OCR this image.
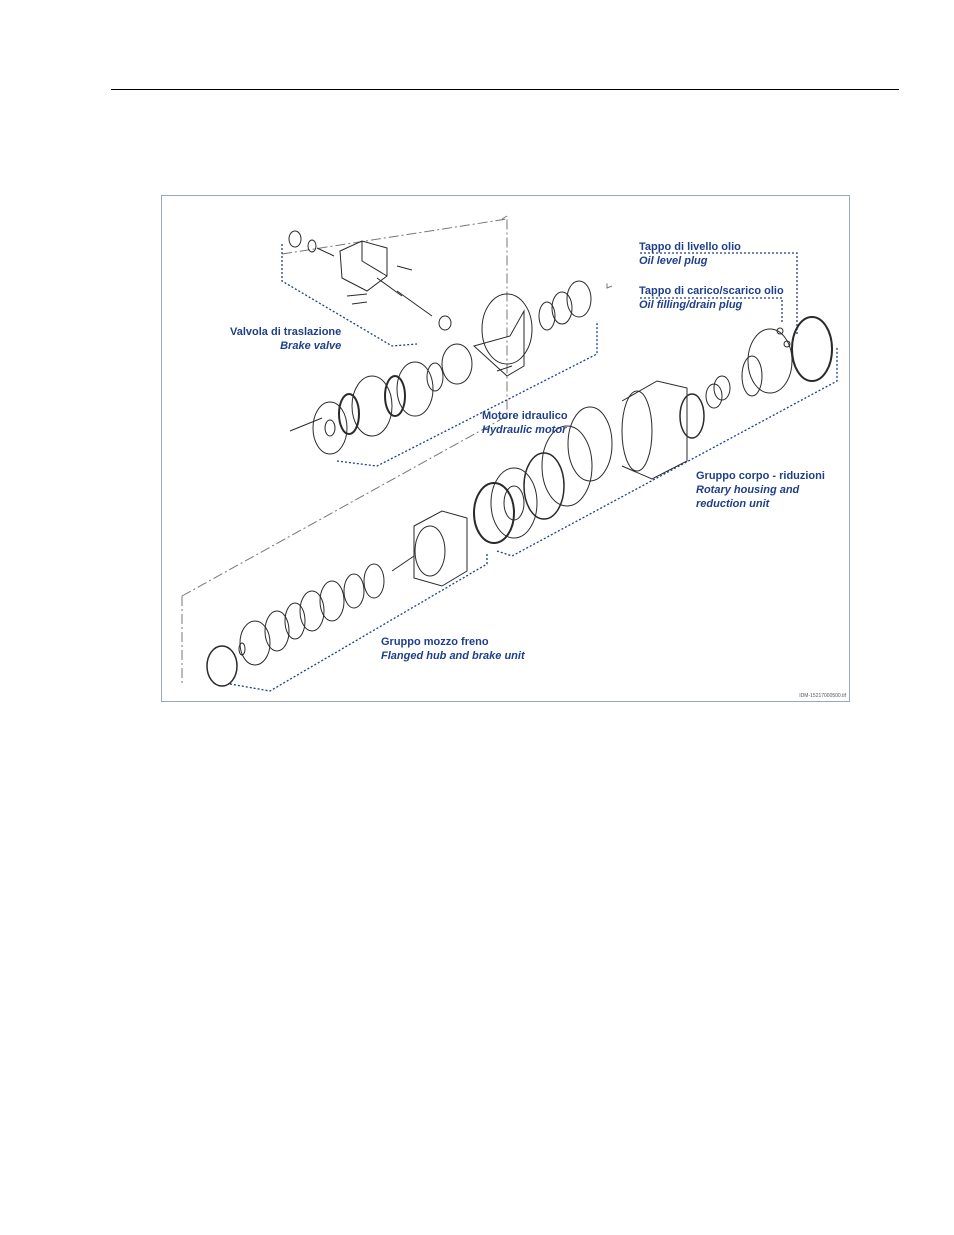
Valvola di traslazione
Brake valve
Motore idraulico
Hydraulic motor
Tappo di livello olio
Oil level plug
Tappo di carico/scarico olio
Oil filling/drain plug
Gruppo corpo - riduzioni
Rotary housing and
reduction unit
Gruppo mozzo freno
Flanged hub and brake unit
IDM-15217000500.tif
